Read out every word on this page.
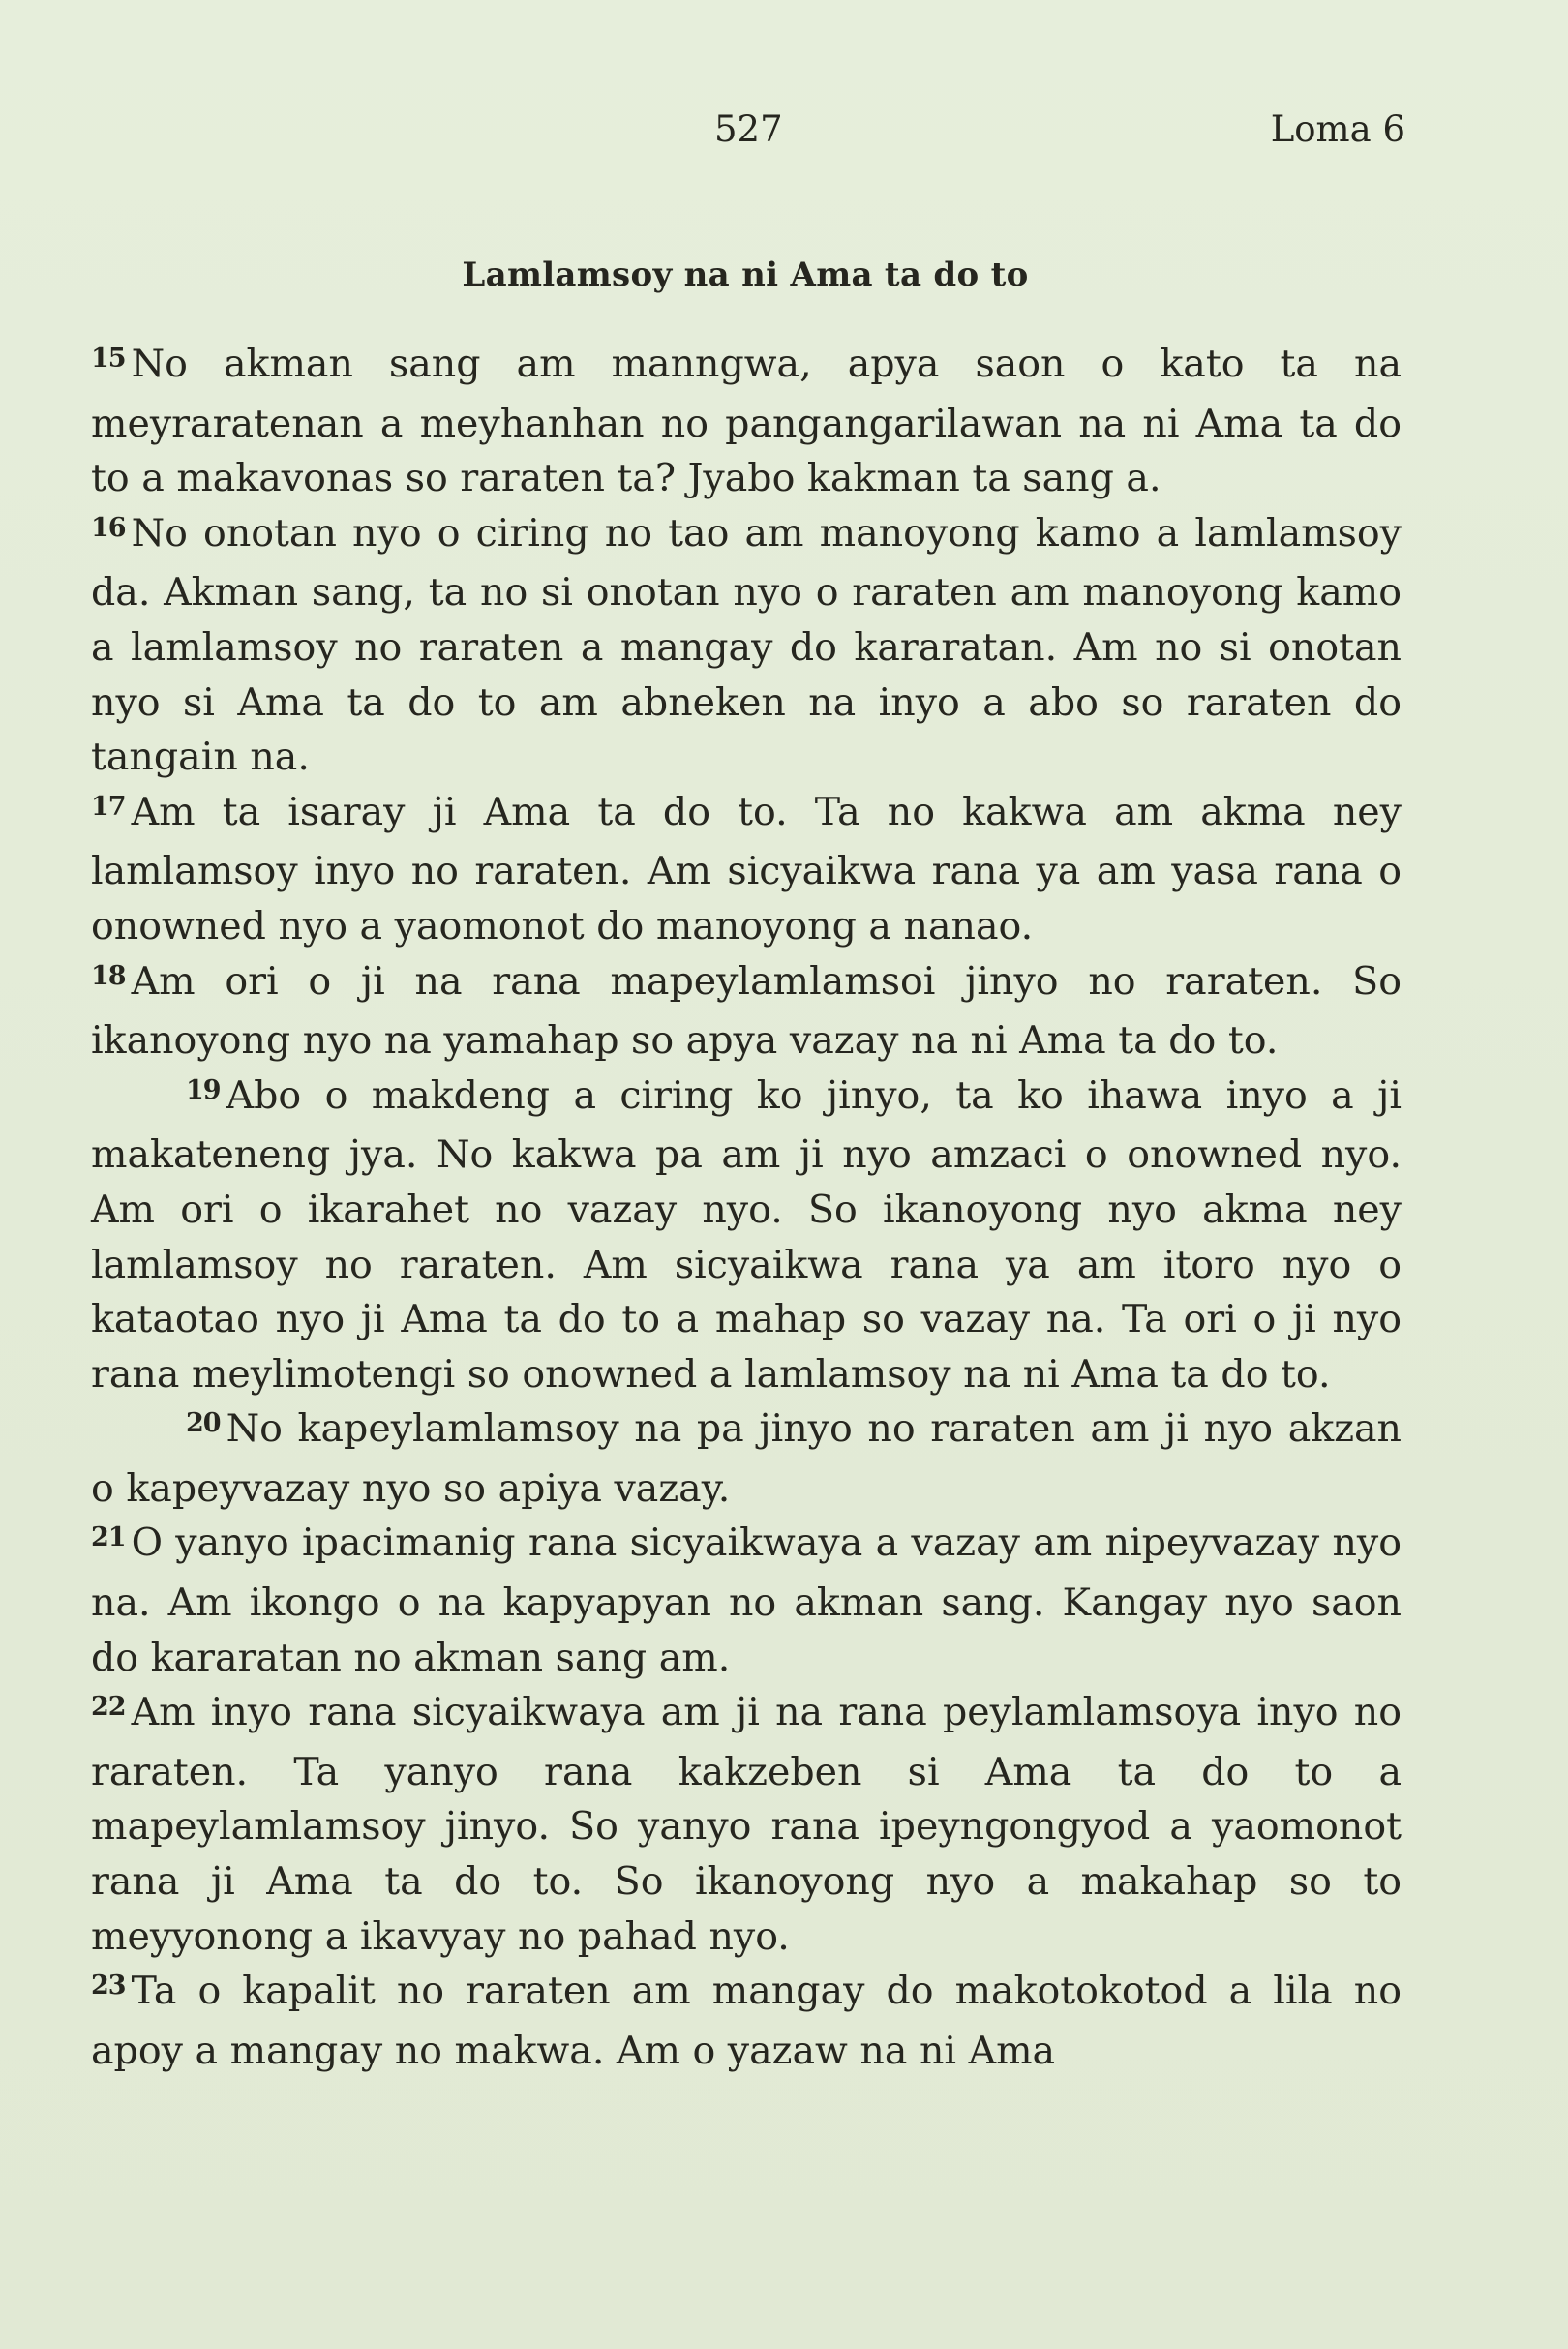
527	Loma 6
Lamlamsoy na ni Ama ta do to

$^{15}$ No akman sang am manngwa, apya saon o kato ta na meyraratenan a meyhanhan no pangangarilawan na ni Ama ta do to a makavonas so raraten ta? Jyabo kakman ta sang a.

$^{16}$ No onotan nyo o ciring no tao am manoyong kamo a lamlamsoy da. Akman sang, ta no si onotan nyo o raraten am manoyong kamo a lamlamsoy no raraten a mangay do kararatan. Am no si onotan nyo si Ama ta do to am abneken na inyo a abo so raraten do tangain na.

$^{17}$ Am ta isaray ji Ama ta do to. Ta no kakwa am akma ney lamlamsoy inyo no raraten. Am sicyaikwa rana ya am yasa rana o onowned nyo a yaomonot do manoyong a nanao.

$^{18}$ Am ori o ji na rana mapeylamlamsoi jinyo no raraten. So ikanoyong nyo na yamahap so apya vazay na ni Ama ta do to.

$^{19}$ Abo o makdeng a ciring ko jinyo, ta ko ihawa inyo a ji makateneng jya. No kakwa pa am ji nyo amzaci o onowned nyo. Am ori o ikarahet no vazay nyo. So ikanoyong nyo akma ney lamlamsoy no raraten. Am sicyaikwa rana ya am itoro nyo o kataotao nyo ji Ama ta do to a mahap so vazay na. Ta ori o ji nyo rana meylimotengi so onowned a lamlamsoy na ni Ama ta do to.

$^{20}$ No kapeylamlamsoy na pa jinyo no raraten am ji nyo akzan o kapeyvazay nyo so apiya vazay.

$^{21}$ O yanyo ipacimanig rana sicyaikwaya a vazay am nipeyvazay nyo na. Am ikongo o na kapyapyan no akman sang. Kangay nyo saon do kararatan no akman sang am.

$^{22}$ Am inyo rana sicyaikwaya am ji na rana peylamlamsoya inyo no raraten. Ta yanyo rana kakzeben si Ama ta do to a mapeylamlamsoy jinyo. So yanyo rana ipeyngongyod a yaomonot rana ji Ama ta do to. So ikanoyong nyo a makahap so to meyyonong a ikavyay no pahad nyo.

$^{23}$ Ta o kapalit no raraten am mangay do makotokotod a lila no apoy a mangay no makwa. Am o yazaw na ni Ama
